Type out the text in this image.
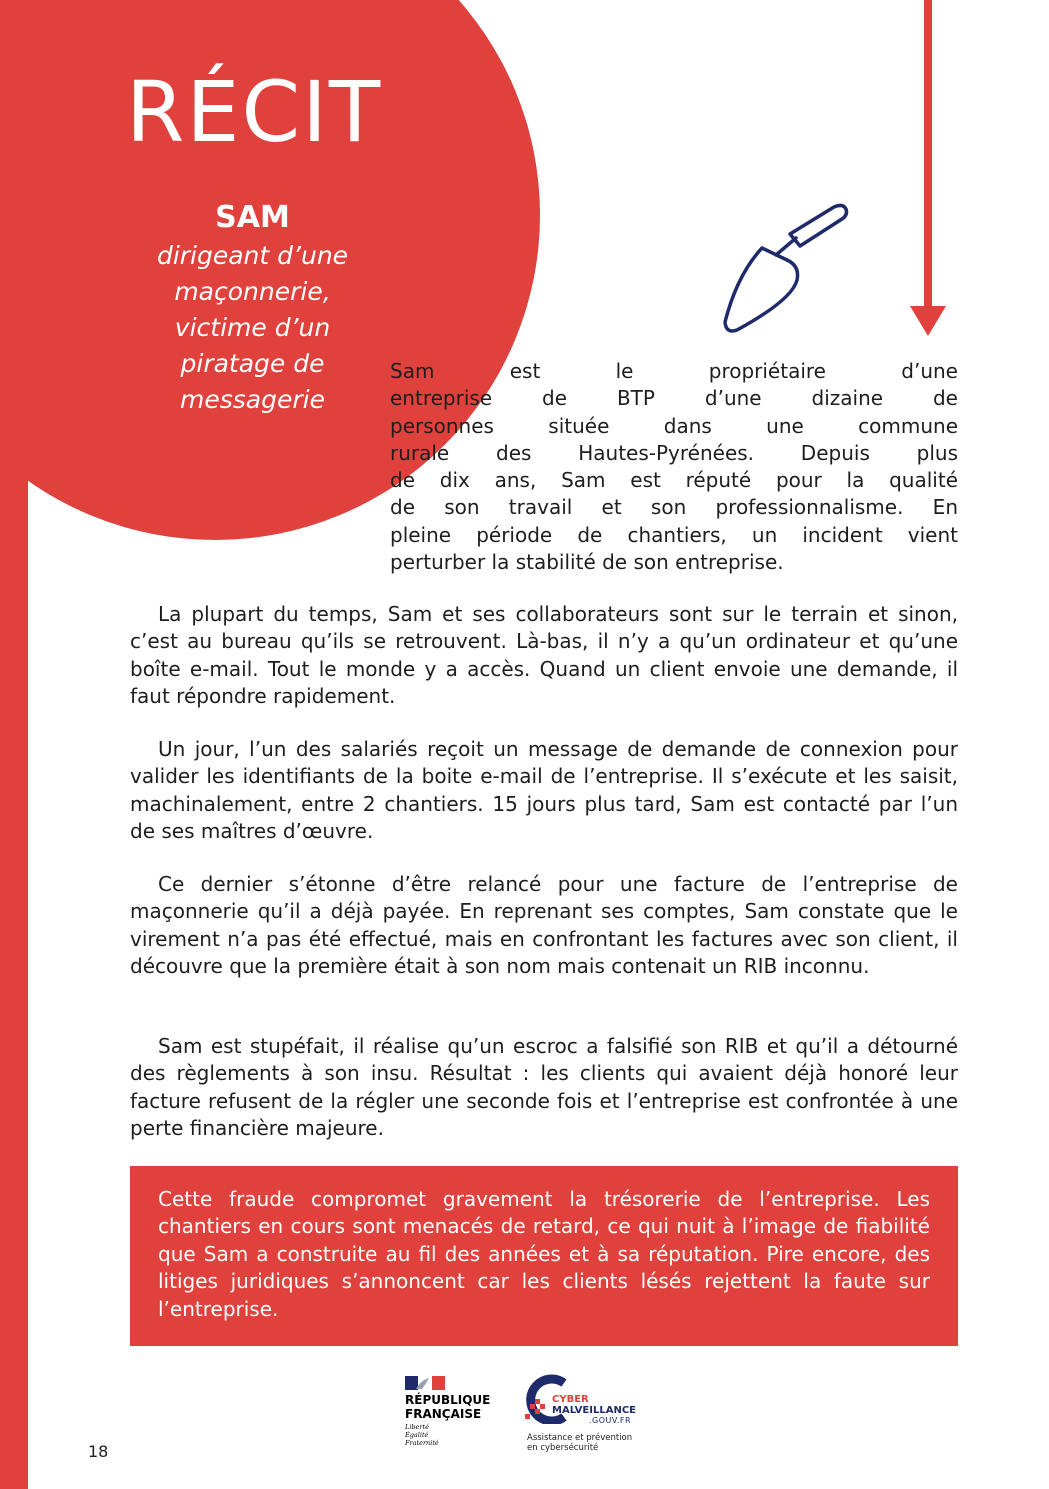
RÉCIT
SAM
dirigeant d’une maçonnerie, victime d’un piratage de messagerie
Sam est le propriétaire d’une
entreprise de BTP d’une dizaine de
personnes située dans une commune
rurale des Hautes-Pyrénées. Depuis plus
de dix ans, Sam est réputé pour la qualité
de son travail et son professionnalisme. En
pleine période de chantiers, un incident vient
perturber la stabilité de son entreprise.

La plupart du temps, Sam et ses collaborateurs sont sur le terrain et sinon, c’est au bureau qu’ils se retrouvent. Là-bas, il n’y a qu’un ordinateur et qu’une boîte e-mail. Tout le monde y a accès. Quand un client envoie une demande, il faut répondre rapidement.

Un jour, l’un des salariés reçoit un message de demande de connexion pour valider les identifiants de la boite e-mail de l’entreprise. Il s’exécute et les saisit, machinalement, entre 2 chantiers. 15 jours plus tard, Sam est contacté par l’un de ses maîtres d’œuvre.

Ce dernier s’étonne d’être relancé pour une facture de l’entreprise de maçonnerie qu’il a déjà payée. En reprenant ses comptes, Sam constate que le virement n’a pas été effectué, mais en confrontant les factures avec son client, il découvre que la première était à son nom mais contenait un RIB inconnu.

Sam est stupéfait, il réalise qu’un escroc a falsifié son RIB et qu’il a détourné des règlements à son insu. Résultat : les clients qui avaient déjà honoré leur facture refusent de la régler une seconde fois et l’entreprise est confrontée à une perte financière majeure.

Cette fraude compromet gravement la trésorerie de l’entreprise. Les chantiers en cours sont menacés de retard, ce qui nuit à l’image de fiabilité que Sam a construite au fil des années et à sa réputation. Pire encore, des litiges juridiques s’annoncent car les clients lésés rejettent la faute sur l’entreprise.

18
RÉPUBLIQUE
FRANÇAISE
Liberté
Égalité
Fraternité
CYBER
MALVEILLANCE
.GOUV.FR
Assistance et prévention
en cybersécurité
